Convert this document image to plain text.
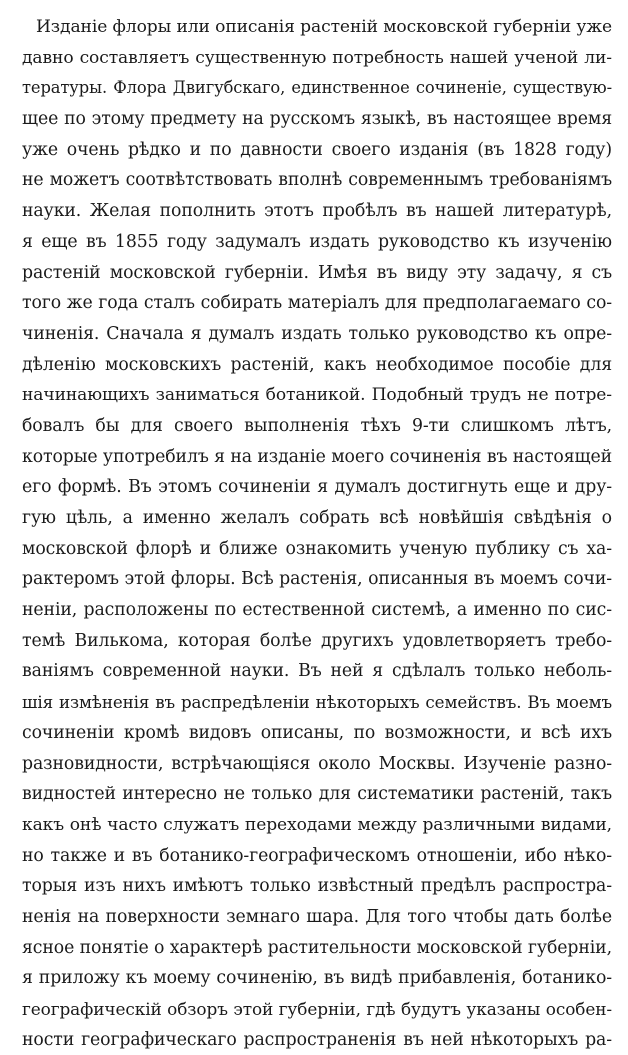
Изданіе флоры или описанія растеній московской губерніи уже
давно составляетъ существенную потребность нашей ученой ли-
тературы. Флора Двигубскаго, единственное сочиненіе, существую-
щее по этому предмету на русскомъ языкѣ, въ настоящее время
уже очень рѣдко и по давности своего изданія (въ 1828 году)
не можетъ соотвѣтствовать вполнѣ современнымъ требованіямъ
науки. Желая пополнить этотъ пробѣлъ въ нашей литературѣ,
я еще въ 1855 году задумалъ издать руководство къ изученію
растеній московской губерніи. Имѣя въ виду эту задачу, я съ
того же года сталъ собирать матеріалъ для предполагаемаго со-
чиненія. Сначала я думалъ издать только руководство къ опре-
дѣленію московскихъ растеній, какъ необходимое пособіе для
начинающихъ заниматься ботаникой. Подобный трудъ не потре-
бовалъ бы для своего выполненія тѣхъ 9-ти слишкомъ лѣтъ,
которые употребилъ я на изданіе моего сочиненія въ настоящей
его формѣ. Въ этомъ сочиненіи я думалъ достигнуть еще и дру-
гую цѣль, а именно желалъ собрать всѣ новѣйшія свѣдѣнія о
московской флорѣ и ближе ознакомить ученую публику съ ха-
рактеромъ этой флоры. Всѣ растенія, описанныя въ моемъ сочи-
неніи, расположены по естественной системѣ, а именно по сис-
темѣ Вилькома, которая болѣе другихъ удовлетворяетъ требо-
ваніямъ современной науки. Въ ней я сдѣлалъ только неболь-
шія измѣненія въ распредѣленіи нѣкоторыхъ семействъ. Въ моемъ
сочиненіи кромѣ видовъ описаны, по возможности, и всѣ ихъ
разновидности, встрѣчающіяся около Москвы. Изученіе разно-
видностей интересно не только для систематики растеній, такъ
какъ онѣ часто служатъ переходами между различными видами,
но также и въ ботанико-географическомъ отношеніи, ибо нѣко-
торыя изъ нихъ имѣютъ только извѣстный предѣлъ распростра-
ненія на поверхности земнаго шара. Для того чтобы дать болѣе
ясное понятіе о характерѣ растительности московской губерніи,
я приложу къ моему сочиненію, въ видѣ прибавленія, ботанико-
географическій обзоръ этой губерніи, гдѣ будутъ указаны особен-
ности географическаго распространенія въ ней нѣкоторыхъ ра-
